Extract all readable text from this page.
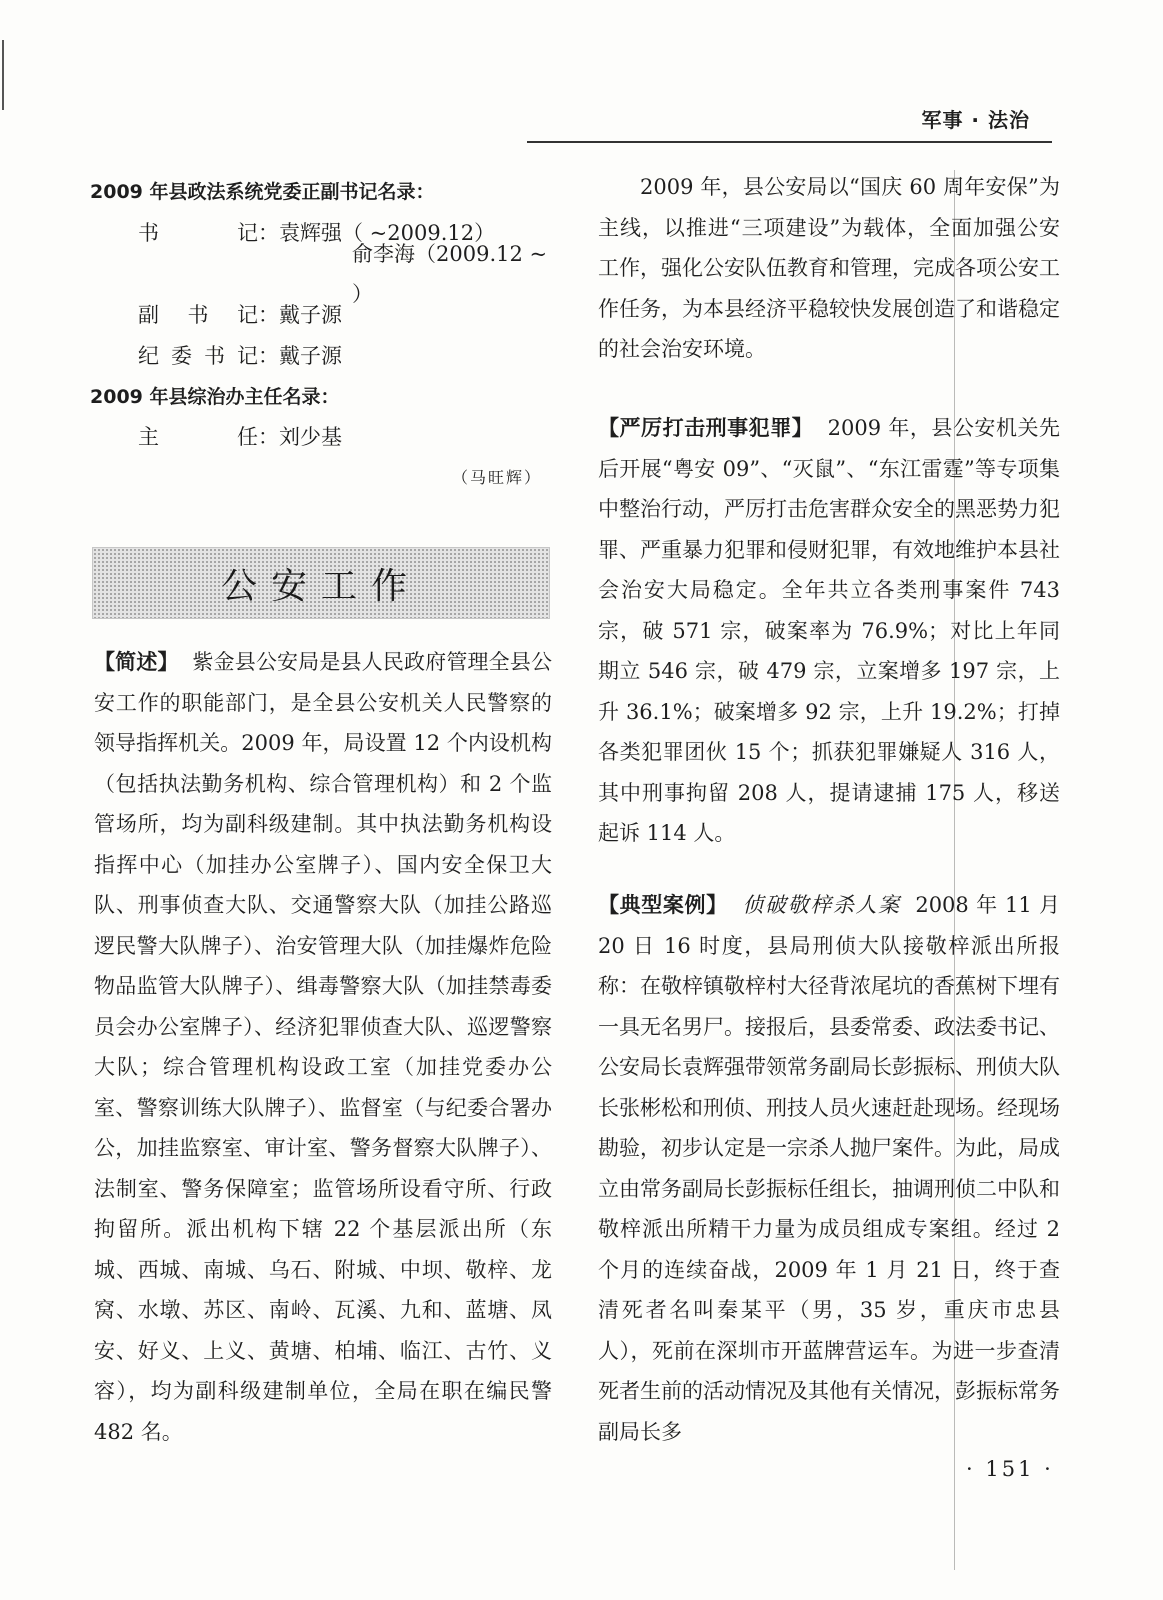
军事 · 法治
2009 年县政法系统党委正副书记名录：
书	记 ：袁辉强（ ~2009.12）
俞李海（2009.12 ~ ）
副 书 记 ：戴子源
纪 委 书 记 ：戴子源
2009 年县综治办主任名录：
主	任 ：刘少基
（马旺辉）
公安工作

【简述】 紫金县公安局是县人民政府管理全县公安工作的职能部门，是全县公安机关人民警察的领导指挥机关。2009 年，局设置 12 个内设机构（包括执法勤务机构、综合管理机构）和 2 个监管场所，均为副科级建制。其中执法勤务机构设指挥中心（加挂办公室牌子）、国内安全保卫大队、刑事侦查大队、交通警察大队（加挂公路巡逻民警大队牌子）、治安管理大队（加挂爆炸危险物品监管大队牌子）、缉毒警察大队（加挂禁毒委员会办公室牌子）、经济犯罪侦查大队、巡逻警察大队；综合管理机构设政工室（加挂党委办公室、警察训练大队牌子）、监督室（与纪委合署办公，加挂监察室、审计室、警务督察大队牌子）、法制室、警务保障室；监管场所设看守所、行政拘留所。派出机构下辖 22 个基层派出所（东城、西城、南城、乌石、附城、中坝、敬梓、龙窝、水墩、苏区、南岭、瓦溪、九和、蓝塘、凤安、好义、上义、黄塘、柏埔、临江、古竹、义容），均为副科级建制单位，全局在职在编民警 482 名。

2009 年，县公安局以“国庆 60 周年安保”为主线，以推进“三项建设”为载体，全面加强公安工作，强化公安队伍教育和管理，完成各项公安工作任务，为本县经济平稳较快发展创造了和谐稳定的社会治安环境。

【严厉打击刑事犯罪】 2009 年，县公安机关先后开展“粤安 09”、“灭鼠”、“东江雷霆”等专项集中整治行动，严厉打击危害群众安全的黑恶势力犯罪、严重暴力犯罪和侵财犯罪，有效地维护本县社会治安大局稳定。全年共立各类刑事案件 743 宗，破 571 宗，破案率为 76.9%；对比上年同期立 546 宗，破 479 宗，立案增多 197 宗，上升 36.1%；破案增多 92 宗，上升 19.2%；打掉各类犯罪团伙 15 个；抓获犯罪嫌疑人 316 人，其中刑事拘留 208 人，提请逮捕 175 人，移送起诉 114 人。

【典型案例】 侦破敬梓杀人案 2008 年 11 月 20 日 16 时度，县局刑侦大队接敬梓派出所报称：在敬梓镇敬梓村大径背浓尾坑的香蕉树下埋有一具无名男尸。接报后，县委常委、政法委书记、公安局长袁辉强带领常务副局长彭振标、刑侦大队长张彬松和刑侦、刑技人员火速赶赴现场。经现场勘验，初步认定是一宗杀人抛尸案件。为此，局成立由常务副局长彭振标任组长，抽调刑侦二中队和敬梓派出所精干力量为成员组成专案组。经过 2 个月的连续奋战，2009 年 1 月 21 日，终于查清死者名叫秦某平（男，35 岁，重庆市忠县人），死前在深圳市开蓝牌营运车。为进一步查清死者生前的活动情况及其他有关情况，彭振标常务副局长多

· 151 ·
